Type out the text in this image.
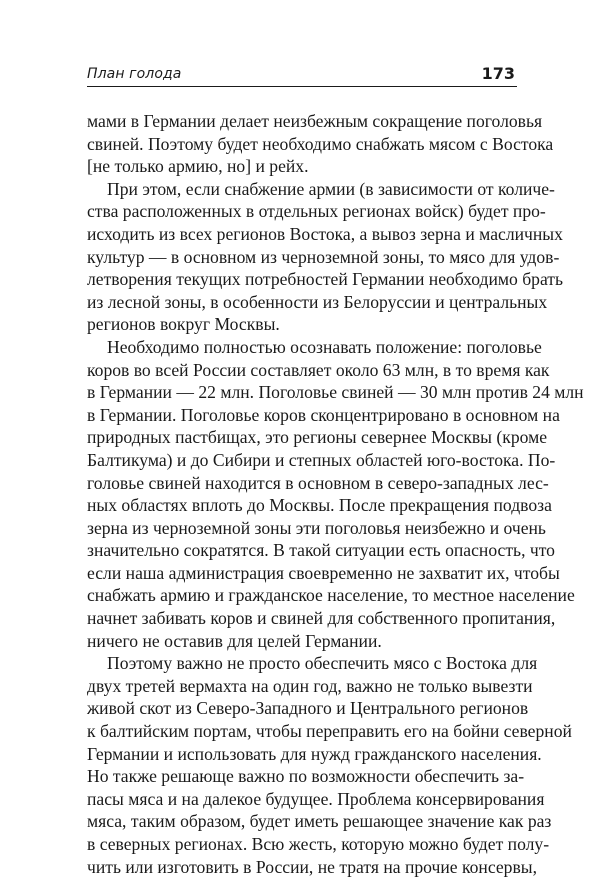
План голода	173
мами в Германии делает неизбежным сокращение поголовья
свиней. Поэтому будет необходимо снабжать мясом с Востока
[не только армию, но] и рейх.
При этом, если снабжение армии (в зависимости от количе-
ства расположенных в отдельных регионах войск) будет про-
исходить из всех регионов Востока, а вывоз зерна и масличных
культур — в основном из черноземной зоны, то мясо для удов-
летворения текущих потребностей Германии необходимо брать
из лесной зоны, в особенности из Белоруссии и центральных
регионов вокруг Москвы.
Необходимо полностью осознавать положение: поголовье
коров во всей России составляет около 63 млн, в то время как
в Германии — 22 млн. Поголовье свиней — 30 млн против 24 млн
в Германии. Поголовье коров сконцентрировано в основном на
природных пастбищах, это регионы севернее Москвы (кроме
Балтикума) и до Сибири и степных областей юго-востока. По-
головье свиней находится в основном в северо-западных лес-
ных областях вплоть до Москвы. После прекращения подвоза
зерна из черноземной зоны эти поголовья неизбежно и очень
значительно сократятся. В такой ситуации есть опасность, что
если наша администрация своевременно не захватит их, чтобы
снабжать армию и гражданское население, то местное население
начнет забивать коров и свиней для собственного пропитания,
ничего не оставив для целей Германии.
Поэтому важно не просто обеспечить мясо с Востока для
двух третей вермахта на один год, важно не только вывезти
живой скот из Северо-Западного и Центрального регионов
к балтийским портам, чтобы переправить его на бойни северной
Германии и использовать для нужд гражданского населения.
Но также решающе важно по возможности обеспечить за-
пасы мяса и на далекое будущее. Проблема консервирования
мяса, таким образом, будет иметь решающее значение как раз
в северных регионах. Всю жесть, которую можно будет полу-
чить или изготовить в России, не тратя на прочие консервы,
